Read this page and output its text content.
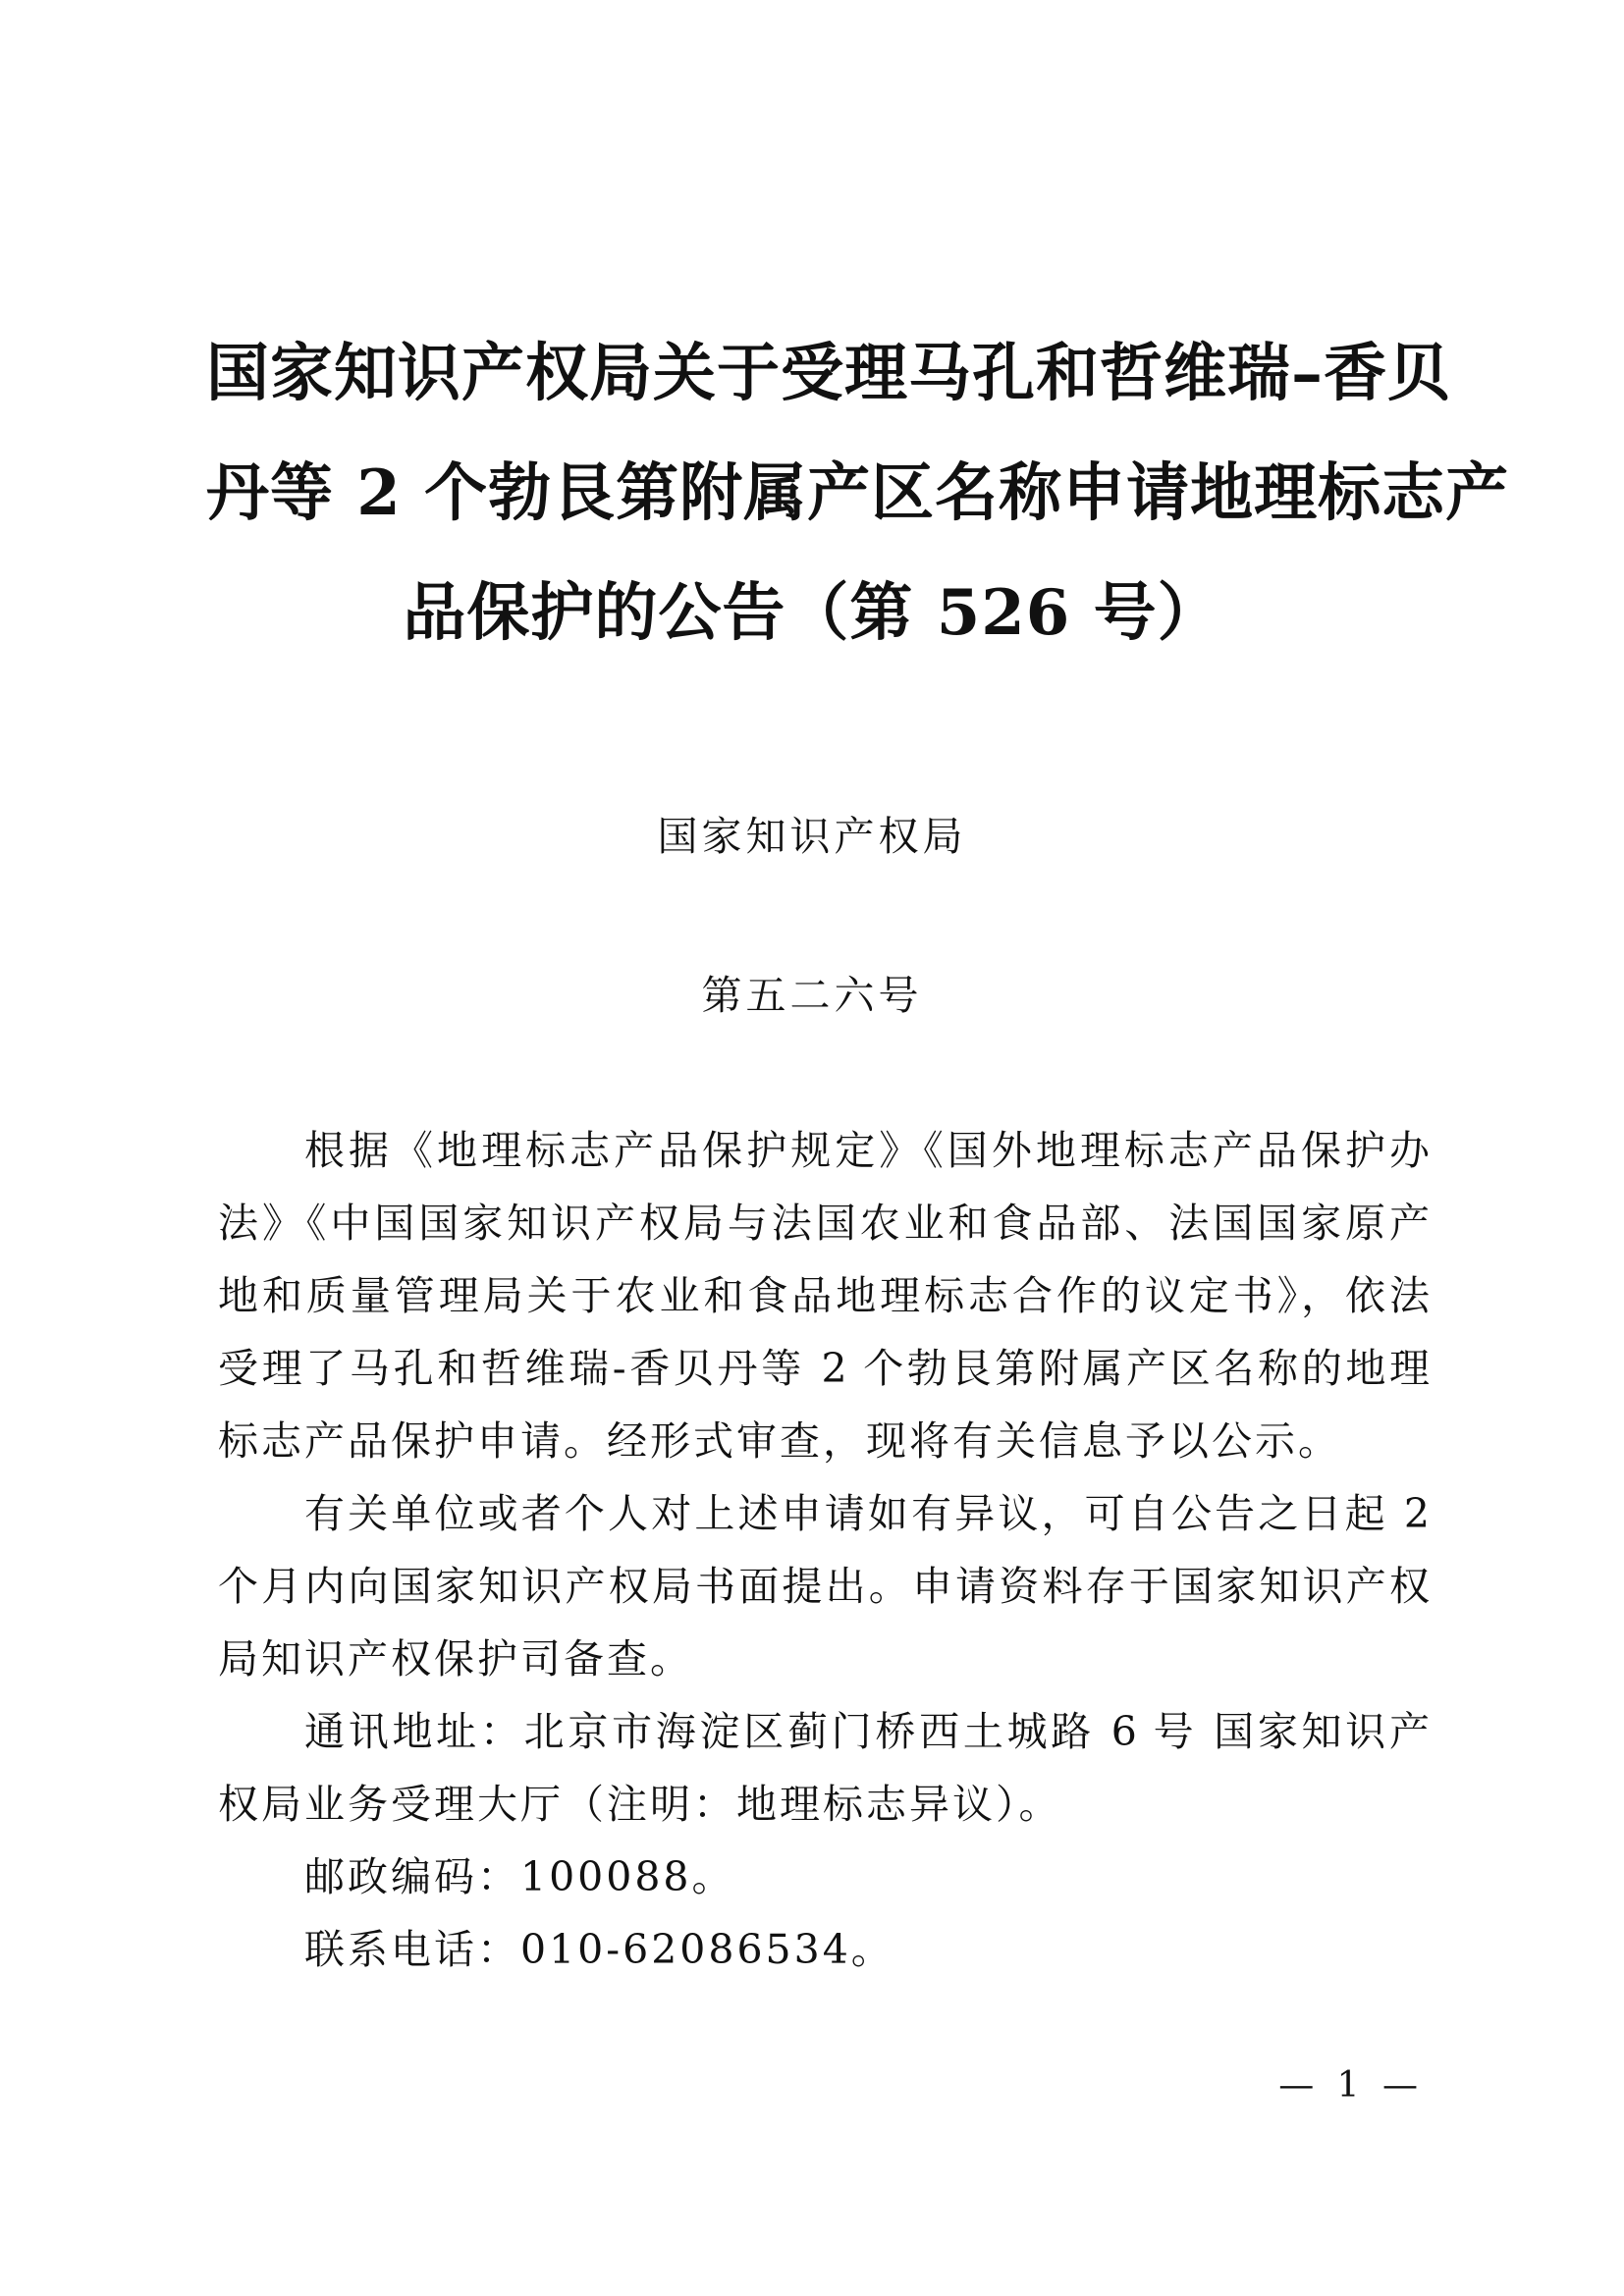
国家知识产权局关于受理马孔和哲维瑞–香贝
丹等 2 个勃艮第附属产区名称申请地理标志产
品保护的公告（第 526 号）
国家知识产权局
第五二六号
根据《地理标志产品保护规定》《国外地理标志产品保护办
法》《中国国家知识产权局与法国农业和食品部、法国国家原产
地和质量管理局关于农业和食品地理标志合作的议定书》，依法
受理了马孔和哲维瑞-香贝丹等 2 个勃艮第附属产区名称的地理
标志产品保护申请。经形式审查，现将有关信息予以公示。
有关单位或者个人对上述申请如有异议，可自公告之日起 2
个月内向国家知识产权局书面提出。申请资料存于国家知识产权
局知识产权保护司备查。
通讯地址：北京市海淀区蓟门桥西土城路 6 号 国家知识产
权局业务受理大厅（注明：地理标志异议）。
邮政编码：100088。
联系电话：010-62086534。
— 1 —
